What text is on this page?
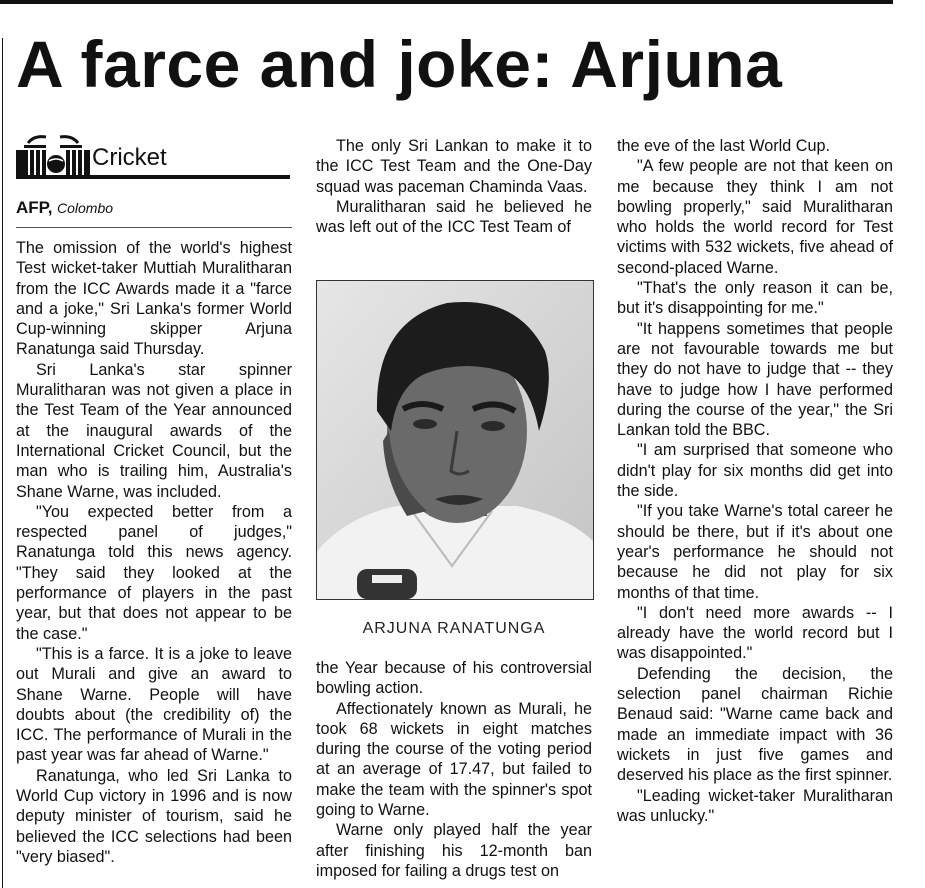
A farce and joke: Arjuna
Cricket
AFP, Colombo

The omission of the world's highest Test wicket-taker Muttiah Muralitharan from the ICC Awards made it a "farce and a joke," Sri Lanka's former World Cup-winning skipper Arjuna Ranatunga said Thursday.

Sri Lanka's star spinner Muralitharan was not given a place in the Test Team of the Year announced at the inaugural awards of the International Cricket Council, but the man who is trailing him, Australia's Shane Warne, was included.

"You expected better from a respected panel of judges," Ranatunga told this news agency. "They said they looked at the performance of players in the past year, but that does not appear to be the case."

"This is a farce. It is a joke to leave out Murali and give an award to Shane Warne. People will have doubts about (the credibility of) the ICC. The performance of Murali in the past year was far ahead of Warne."

Ranatunga, who led Sri Lanka to World Cup victory in 1996 and is now deputy minister of tourism, said he believed the ICC selections had been "very biased".

The only Sri Lankan to make it to the ICC Test Team and the One-Day squad was paceman Chaminda Vaas.

Muralitharan said he believed he was left out of the ICC Test Team of

ARJUNA RANATUNGA

the Year because of his controversial bowling action.

Affectionately known as Murali, he took 68 wickets in eight matches during the course of the voting period at an average of 17.47, but failed to make the team with the spinner's spot going to Warne.

Warne only played half the year after finishing his 12-month ban imposed for failing a drugs test on

the eve of the last World Cup.

"A few people are not that keen on me because they think I am not bowling properly," said Muralitharan who holds the world record for Test victims with 532 wickets, five ahead of second-placed Warne.

"That's the only reason it can be, but it's disappointing for me."

"It happens sometimes that people are not favourable towards me but they do not have to judge that -- they have to judge how I have performed during the course of the year," the Sri Lankan told the BBC.

"I am surprised that someone who didn't play for six months did get into the side.

"If you take Warne's total career he should be there, but if it's about one year's performance he should not because he did not play for six months of that time.

"I don't need more awards -- I already have the world record but I was disappointed."

Defending the decision, the selection panel chairman Richie Benaud said: "Warne came back and made an immediate impact with 36 wickets in just five games and deserved his place as the first spinner.

"Leading wicket-taker Muralitharan was unlucky."
